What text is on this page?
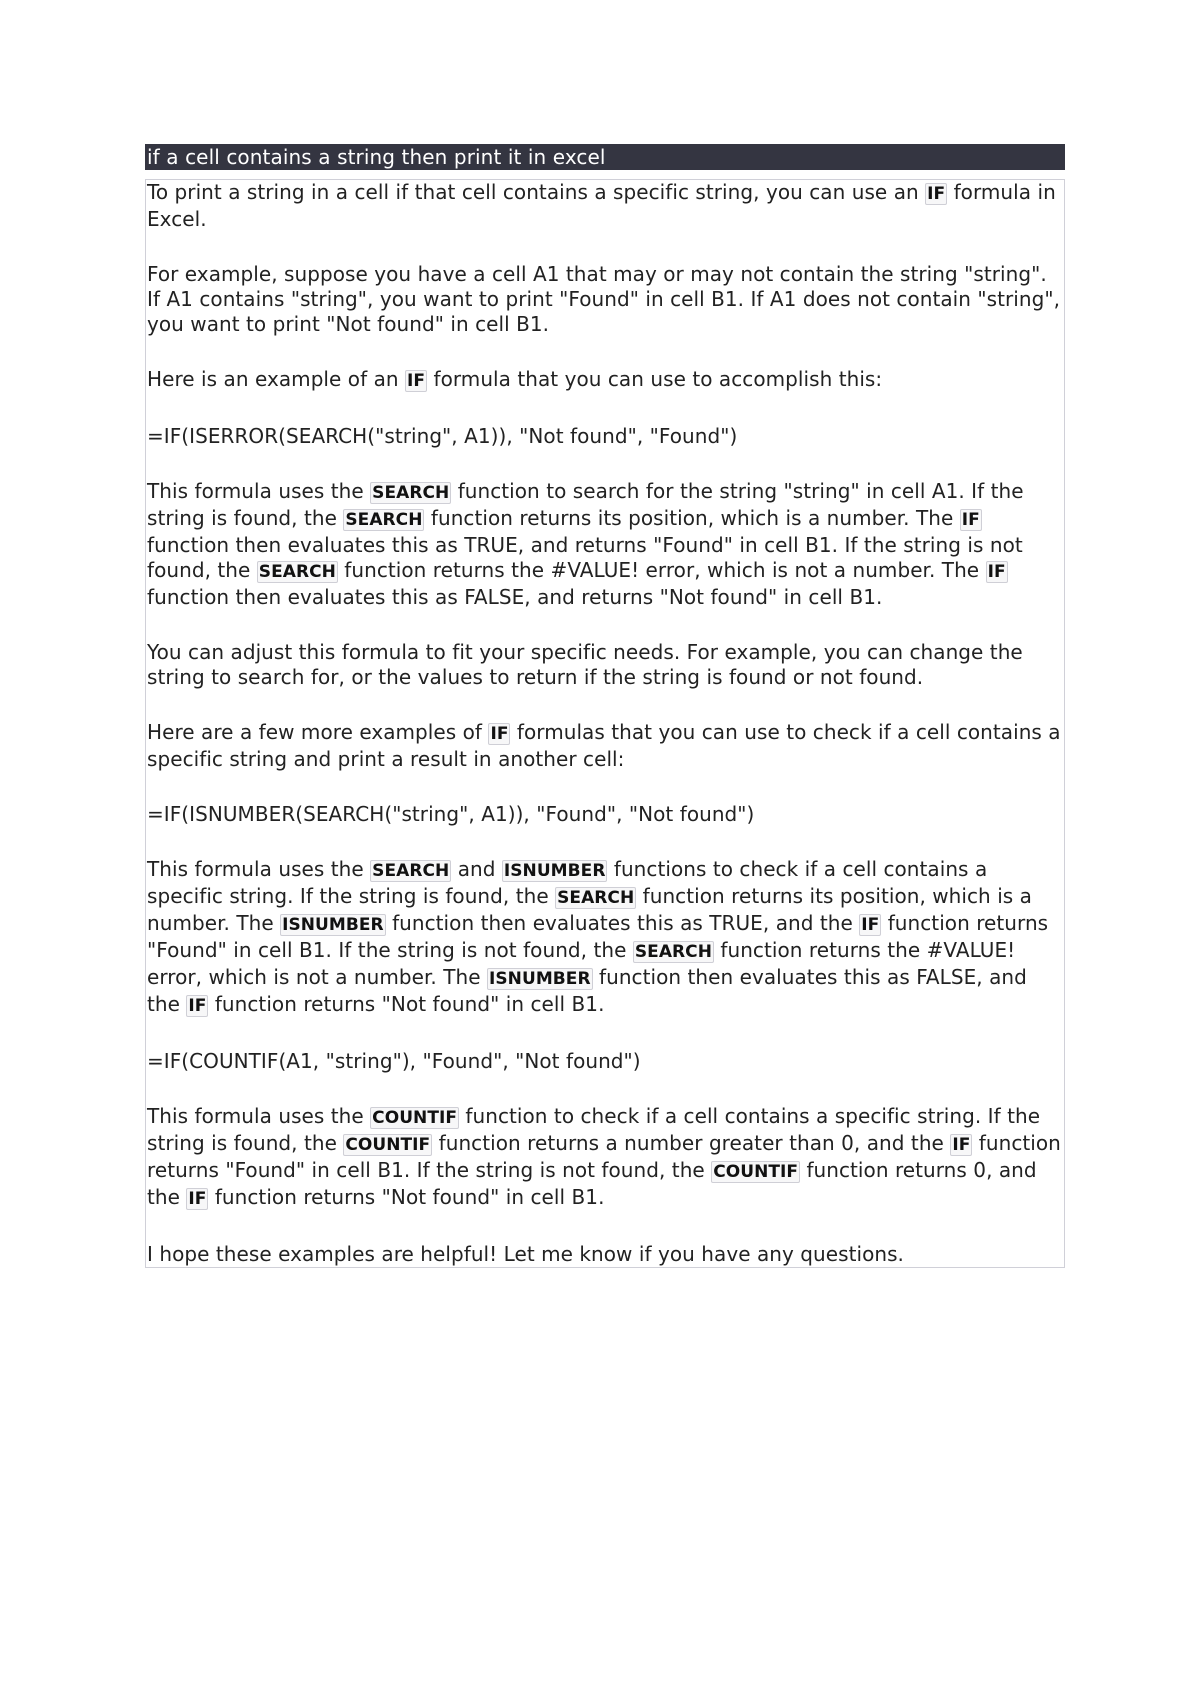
if a cell contains a string then print it in excel

To print a string in a cell if that cell contains a specific string, you can use an IF formula in Excel.

For example, suppose you have a cell A1 that may or may not contain the string "string". If A1 contains "string", you want to print "Found" in cell B1. If A1 does not contain "string", you want to print "Not found" in cell B1.

Here is an example of an IF formula that you can use to accomplish this:

=IF(ISERROR(SEARCH("string", A1)), "Not found", "Found")

This formula uses the SEARCH function to search for the string "string" in cell A1. If the string is found, the SEARCH function returns its position, which is a number. The IF function then evaluates this as TRUE, and returns "Found" in cell B1. If the string is not found, the SEARCH function returns the #VALUE! error, which is not a number. The IF function then evaluates this as FALSE, and returns "Not found" in cell B1.

You can adjust this formula to fit your specific needs. For example, you can change the string to search for, or the values to return if the string is found or not found.

Here are a few more examples of IF formulas that you can use to check if a cell contains a specific string and print a result in another cell:

=IF(ISNUMBER(SEARCH("string", A1)), "Found", "Not found")

This formula uses the SEARCH and ISNUMBER functions to check if a cell contains a specific string. If the string is found, the SEARCH function returns its position, which is a number. The ISNUMBER function then evaluates this as TRUE, and the IF function returns "Found" in cell B1. If the string is not found, the SEARCH function returns the #VALUE! error, which is not a number. The ISNUMBER function then evaluates this as FALSE, and the IF function returns "Not found" in cell B1.

=IF(COUNTIF(A1, "string"), "Found", "Not found")

This formula uses the COUNTIF function to check if a cell contains a specific string. If the string is found, the COUNTIF function returns a number greater than 0, and the IF function returns "Found" in cell B1. If the string is not found, the COUNTIF function returns 0, and the IF function returns "Not found" in cell B1.

I hope these examples are helpful! Let me know if you have any questions.
